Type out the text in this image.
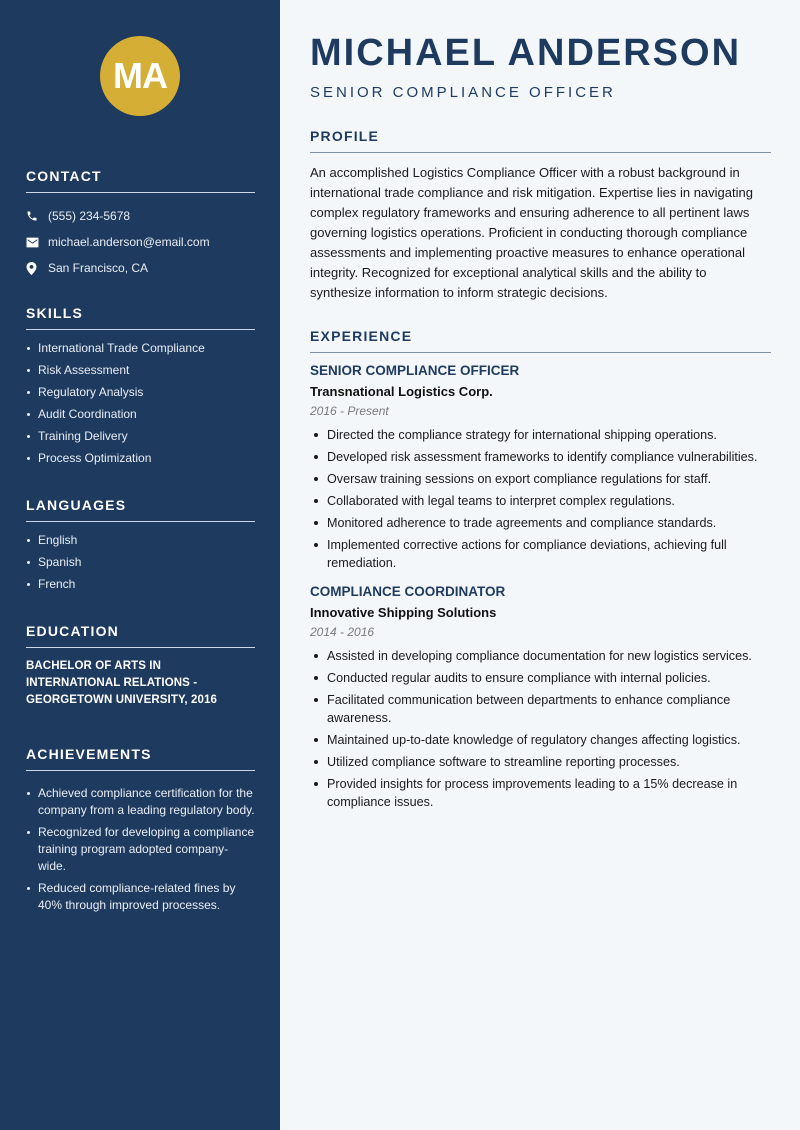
MA
CONTACT
(555) 234-5678
michael.anderson@email.com
San Francisco, CA
SKILLS
International Trade Compliance
Risk Assessment
Regulatory Analysis
Audit Coordination
Training Delivery
Process Optimization
LANGUAGES
English
Spanish
French
EDUCATION
BACHELOR OF ARTS IN INTERNATIONAL RELATIONS - GEORGETOWN UNIVERSITY, 2016
ACHIEVEMENTS
Achieved compliance certification for the company from a leading regulatory body.
Recognized for developing a compliance training program adopted company-wide.
Reduced compliance-related fines by 40% through improved processes.
MICHAEL ANDERSON
SENIOR COMPLIANCE OFFICER
PROFILE

An accomplished Logistics Compliance Officer with a robust background in international trade compliance and risk mitigation. Expertise lies in navigating complex regulatory frameworks and ensuring adherence to all pertinent laws governing logistics operations. Proficient in conducting thorough compliance assessments and implementing proactive measures to enhance operational integrity. Recognized for exceptional analytical skills and the ability to synthesize information to inform strategic decisions.

EXPERIENCE
SENIOR COMPLIANCE OFFICER
Transnational Logistics Corp.
2016 - Present
Directed the compliance strategy for international shipping operations.
Developed risk assessment frameworks to identify compliance vulnerabilities.
Oversaw training sessions on export compliance regulations for staff.
Collaborated with legal teams to interpret complex regulations.
Monitored adherence to trade agreements and compliance standards.
Implemented corrective actions for compliance deviations, achieving full remediation.
COMPLIANCE COORDINATOR
Innovative Shipping Solutions
2014 - 2016
Assisted in developing compliance documentation for new logistics services.
Conducted regular audits to ensure compliance with internal policies.
Facilitated communication between departments to enhance compliance awareness.
Maintained up-to-date knowledge of regulatory changes affecting logistics.
Utilized compliance software to streamline reporting processes.
Provided insights for process improvements leading to a 15% decrease in compliance issues.
